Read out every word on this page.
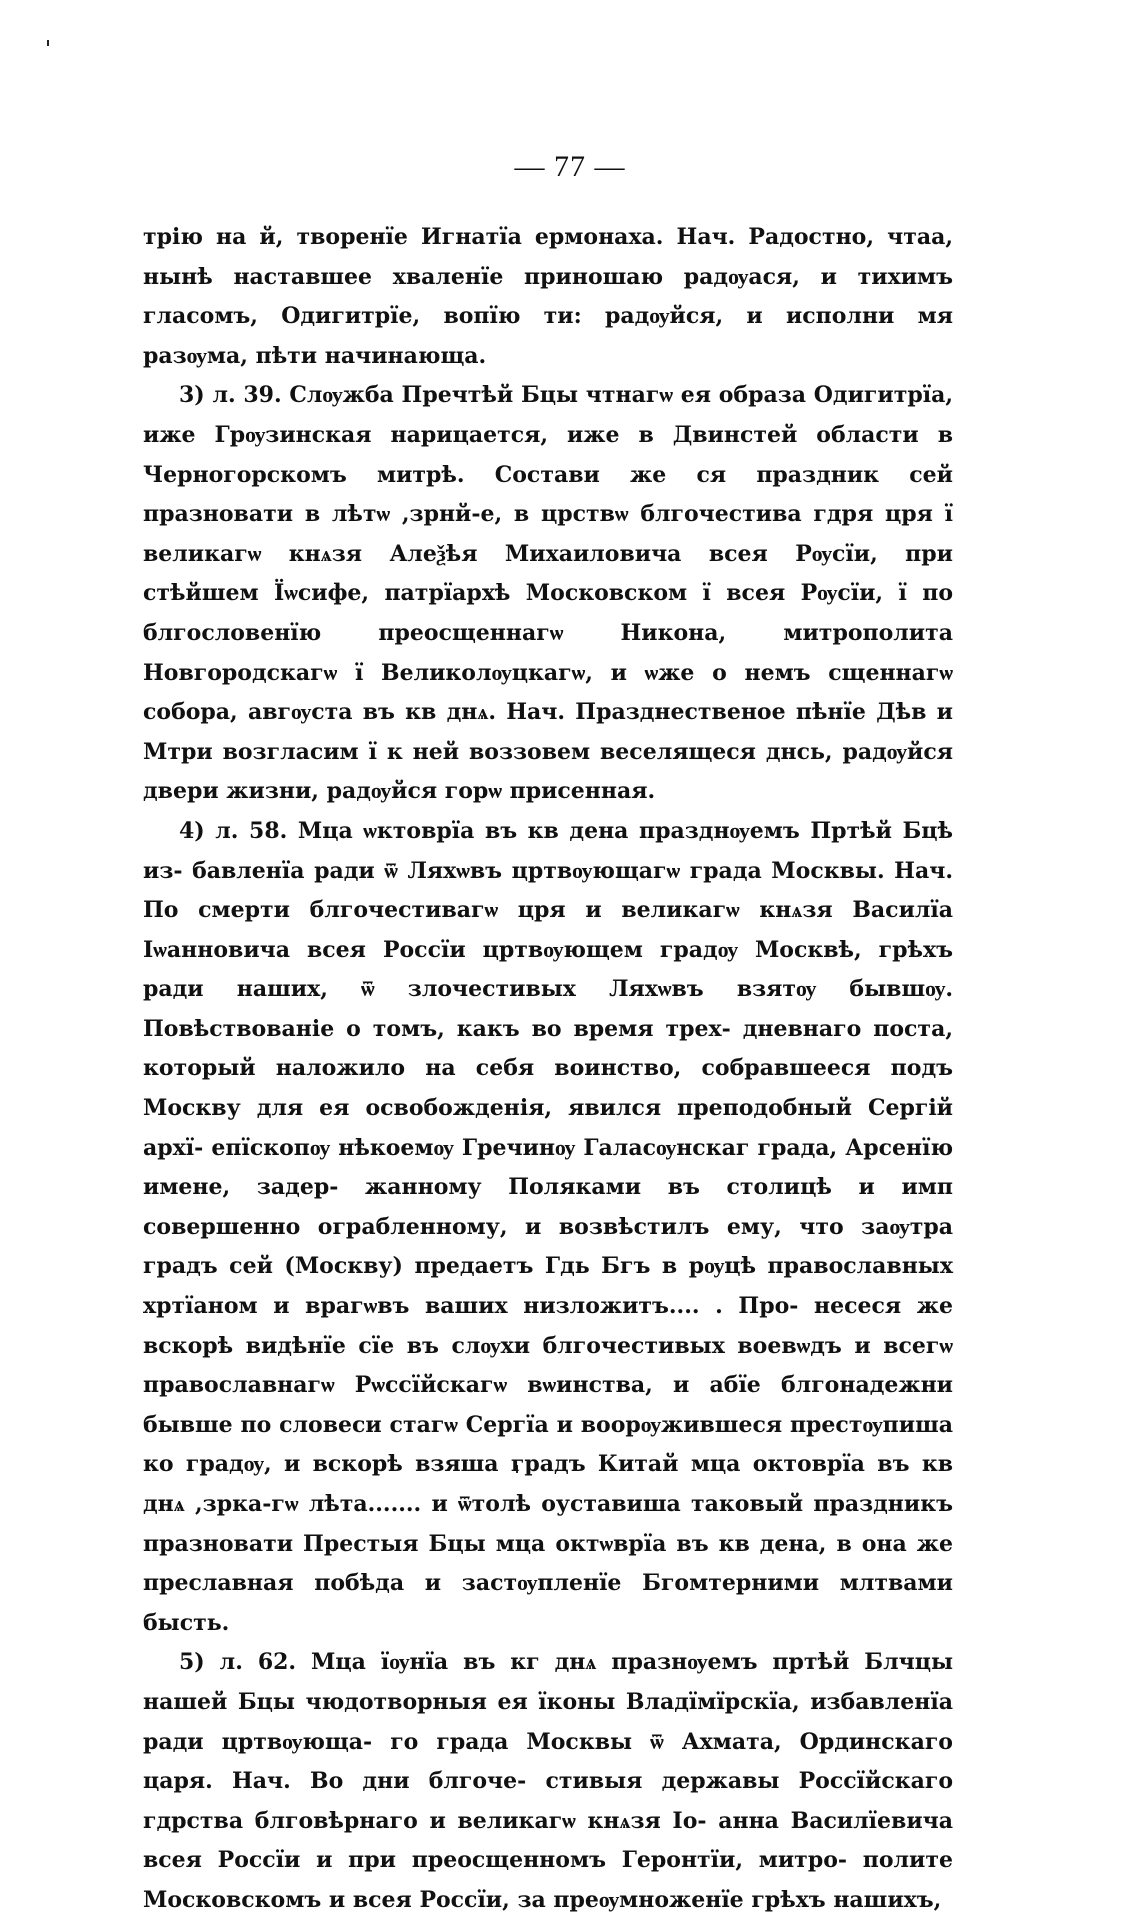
— 77 —

трію на й, творенїе Игнатїа ермонаха. Нач. Радостно, чтаа, нынѣ наставшее хваленїе приношаю радѹася, и тихимъ гласомъ, Одигитрїе, вопїю ти: радѹйся, и исполни мя разѹма, пѣти начинающа.

3) л. 39. Слѹжба Пречтѣй Бцы чтнагѡ ея образа Одигитрїа, иже Грѹзинская нарицается, иже в Двинстей области в Черногорскомъ митрѣ. Состави же ся праздник сей празновати в лѣтѡ ,зрнй-е, в црствѡ блгочестива гдря цря ї великагѡ кнѧзя Алеѯѣя Михаиловича всея Рѹсїи, при стѣйшем Їѡсифе, патрїархѣ Московском ї всея Рѹсїи, ї по блгословенїю преосщеннагѡ Никона, митрополита Новгородскагѡ ї Великолѹцкагѡ, и ѡже о немъ сщеннагѡ собора, авгѹста въ кв днѧ. Нач. Празднественое пѣнїе Дѣв и Мтри возгласим ї к ней воззовем веселящеся днсь, радѹйся двери жизни, радѹйся горѡ присенная.

4) л. 58. Мца ѡктоврїа въ кв дена празднѹемъ Пртѣй Бцѣ из- бавленїа ради ѿ Ляхѡвъ цртвѹющагѡ града Москвы. Нач. По смерти блгочестивагѡ цря и великагѡ кнѧзя Василїа Іѡанновича всея Россїи цртвѹющем градѹ Москвѣ, грѣхъ ради наших, ѿ злочестивых Ляхѡвъ взятѹ бывшѹ. Повѣствованіе о томъ, какъ во время трех- дневнаго поста, который наложило на себя воинство, собравшееся подъ Москву для ея освобожденія, явился преподобный Сергій архї- епїскопѹ нѣкоемѹ Гречинѹ Галасѹнскаг града, Арсенїю имене, задер- жанному Поляками въ столицѣ и имп совершенно ограбленному, и возвѣстилъ ему, что заѹтра градъ сей (Москву) предаетъ Гдь Бгъ в рѹцѣ православных хртїаном и врагѡвъ ваших низложитъ.... . Про- несеся же вскорѣ видѣнїе сїе въ слѹхи блгочестивых воевѡдъ и всегѡ православнагѡ Рѡссїйскагѡ вѡинства, и абїе блгонадежни бывше по словеси стагѡ Сергїа и воорѹжившеся престѹпиша ко градѹ, и вскорѣ взяша градъ Китай мца октоврїа въ кв днѧ ,зрка-гѡ лѣта....... и ѿтолѣ оуставиша таковый праздникъ празновати Престыя Бцы мца октѡврїа въ кв дена, в она же преславная побѣда и застѹпленїе Бгомтерними млтвами бысть.

5) л. 62. Мца їѹнїа въ кг днѧ празнѹемъ пртѣй Блчцы нашей Бцы чюдотворныя ея їконы Владїмїрскїа, избавленїа ради цртвѹюща- го града Москвы ѿ Ахмата, Ординскаго царя. Нач. Во дни блгоче- стивыя державы Россїйскаго гдрства блговѣрнаго и великагѡ кнѧзя Іо- анна Василїевича всея Россїи и при преосщенномъ Геронтїи, митро- полите Московскомъ и всея Россїи, за преѹмноженїе грѣхъ нашихъ,
